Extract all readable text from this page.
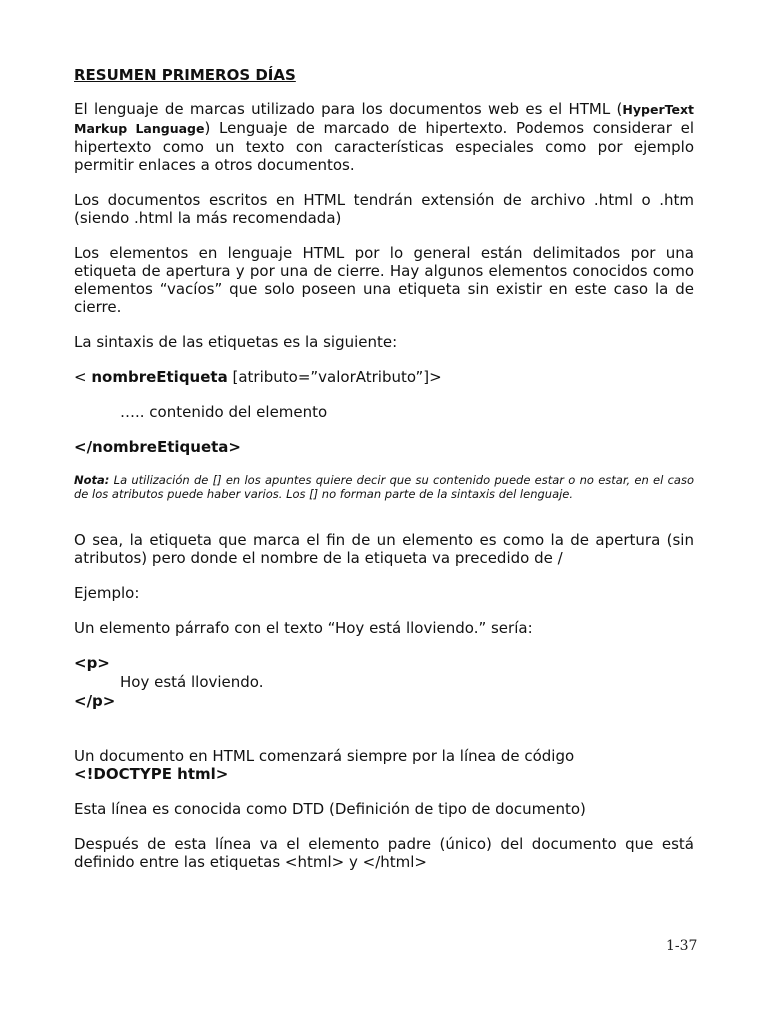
RESUMEN PRIMEROS DÍAS

El lenguaje de marcas utilizado para los documentos web es el HTML (HyperText Markup Language) Lenguaje de marcado de hipertexto. Podemos considerar el hipertexto como un texto con características especiales como por ejemplo permitir enlaces a otros documentos.

Los documentos escritos en HTML tendrán extensión de archivo .html o .htm (siendo .html la más recomendada)

Los elementos en lenguaje HTML por lo general están delimitados por una etiqueta de apertura y por una de cierre. Hay algunos elementos conocidos como elementos “vacíos” que solo poseen una etiqueta sin existir en este caso la de cierre.

La sintaxis de las etiquetas es la siguiente:

< nombreEtiqueta [atributo=”valorAtributo”]>
….. contenido del elemento
</nombreEtiqueta>
Nota: La utilización de [] en los apuntes quiere decir que su contenido puede estar o no estar, en el caso de los atributos puede haber varios. Los [] no forman parte de la sintaxis del lenguaje.

O sea, la etiqueta que marca el fin de un elemento es como la de apertura (sin atributos) pero donde el nombre de la etiqueta va precedido de /

Ejemplo:

Un elemento párrafo con el texto “Hoy está lloviendo.” sería:

<p>
Hoy está lloviendo.
</p>
Un documento en HTML comenzará siempre por la línea de código
<!DOCTYPE html>

Esta línea es conocida como DTD (Definición de tipo de documento)

Después de esta línea va el elemento padre (único) del documento que está definido entre las etiquetas <html> y </html>

1-37
